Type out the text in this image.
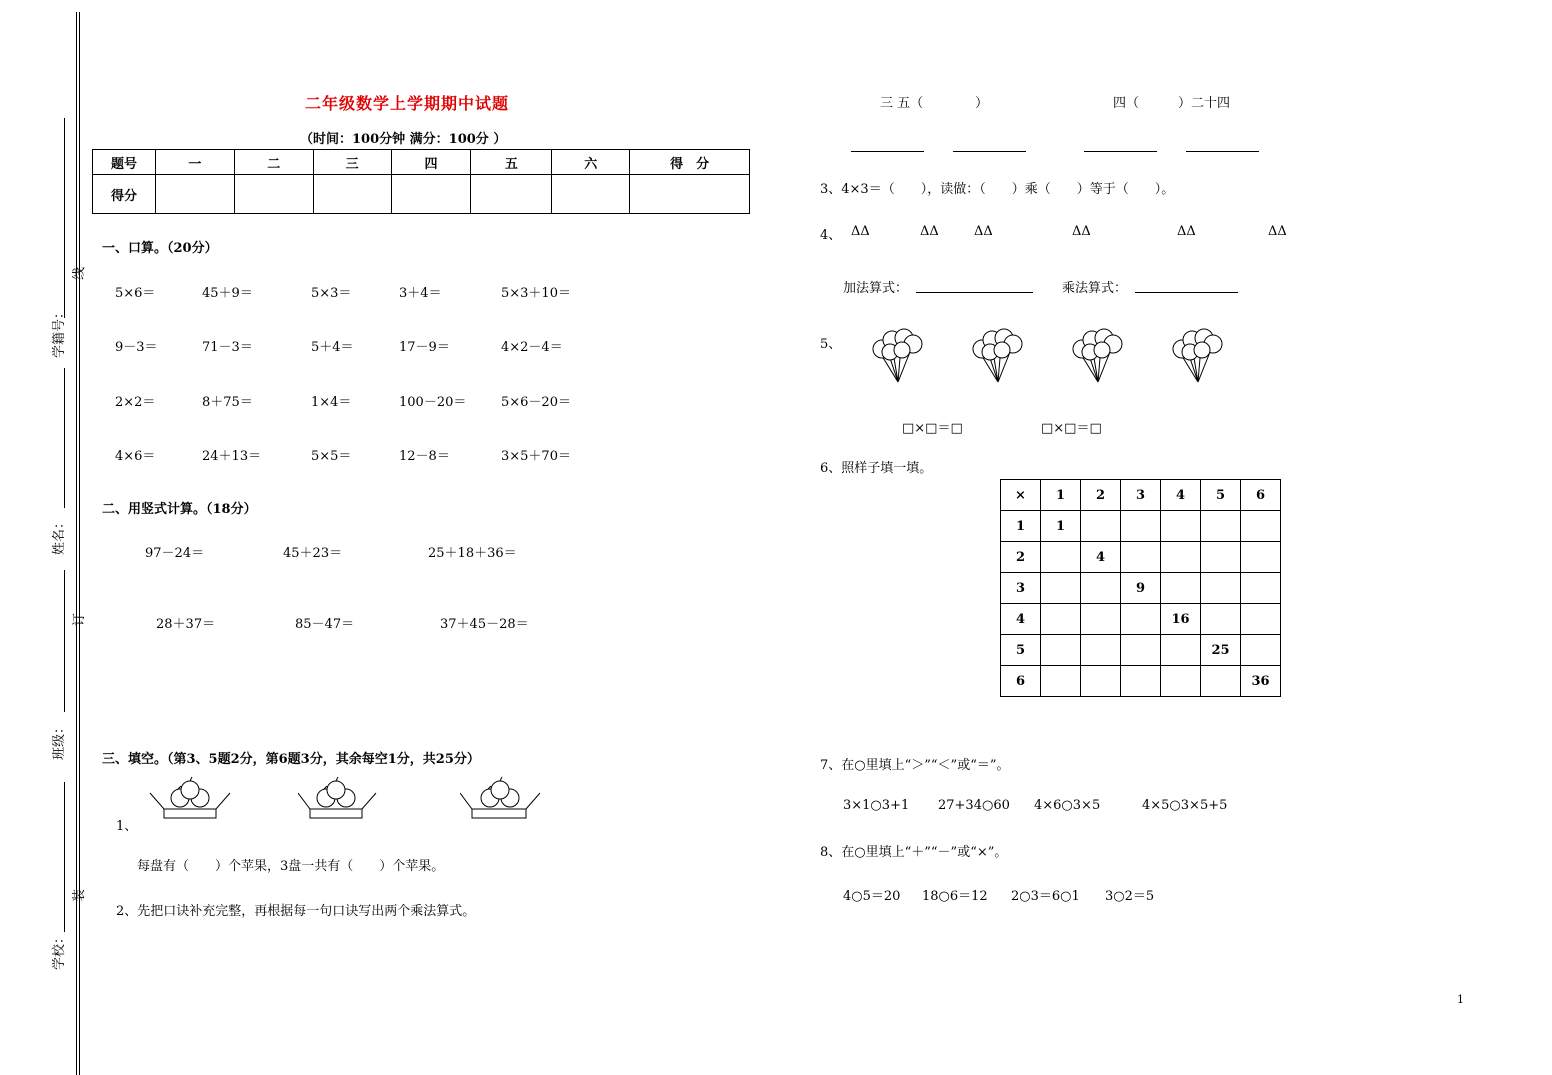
学籍号：
线
姓名：
订
班级：
学校：
装
二年级数学上学期期中试题
（时间：100分钟 满分：100分 ）
题号	一	二	三	四	五	六	得　分
得分							
一、口算。（20分）
5×6＝	45＋9＝	5×3＝	3＋4＝	5×3＋10＝
9－3＝	71－3＝	5＋4＝	17－9＝	4×2－4＝
2×2＝	8＋75＝	1×4＝	100－20＝	5×6－20＝
4×6＝	24＋13＝	5×5＝	12－8＝	3×5＋70＝
二、用竖式计算。（18分）
97－24＝	45＋23＝	25＋18＋36＝
28＋37＝	85－47＝	37＋45－28＝
三、填空。（第3、5题2分，第6题3分，其余每空1分，共25分）
1、
每盘有（　　）个苹果，3盘一共有（　　）个苹果。
2、先把口诀补充完整，再根据每一句口诀写出两个乘法算式。
三 五（　　　　）	四（　　　）二十四
3、4×3＝（　　），读做：（　　）乘（　　）等于（　　）。
4、 ΔΔ	ΔΔ	ΔΔ	ΔΔ	ΔΔ	ΔΔ
加法算式：	乘法算式：
5、
□×□＝□	□×□＝□
6、照样子填一填。
×	1	2	3	4	5	6
1	1					
2		4				
3			9			
4				16		
5					25	
6						36
7、在○里填上“＞”“＜”或“＝”。
3×1○3+1 27+34○60 4×6○3×5	4×5○3×5+5
8、在○里填上“＋”“－”或“×”。
4○5＝20 18○6＝12 2○3＝6○1 3○2＝5
1
